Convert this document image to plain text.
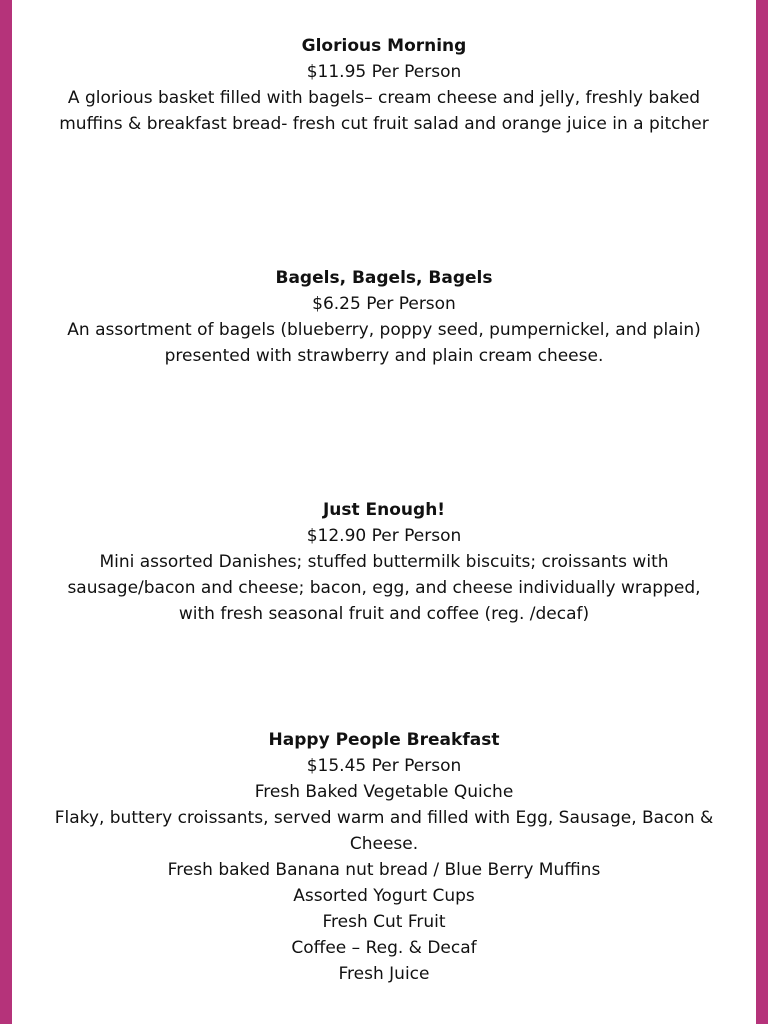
Glorious Morning

$11.95 Per Person

A glorious basket filled with bagels– cream cheese and jelly, freshly baked muffins & breakfast bread- fresh cut fruit salad and orange juice in a pitcher

Bagels, Bagels, Bagels

$6.25 Per Person

An assortment of bagels (blueberry, poppy seed, pumpernickel, and plain) presented with strawberry and plain cream cheese.

Just Enough!

$12.90 Per Person

Mini assorted Danishes; stuffed buttermilk biscuits; croissants with sausage/bacon and cheese; bacon, egg, and cheese individually wrapped, with fresh seasonal fruit and coffee (reg. /decaf)

Happy People Breakfast

$15.45 Per Person

Fresh Baked Vegetable Quiche

Flaky, buttery croissants, served warm and filled with Egg, Sausage, Bacon & Cheese.

Fresh baked Banana nut bread / Blue Berry Muffins

Assorted Yogurt Cups

Fresh Cut Fruit

Coffee – Reg. & Decaf

Fresh Juice
